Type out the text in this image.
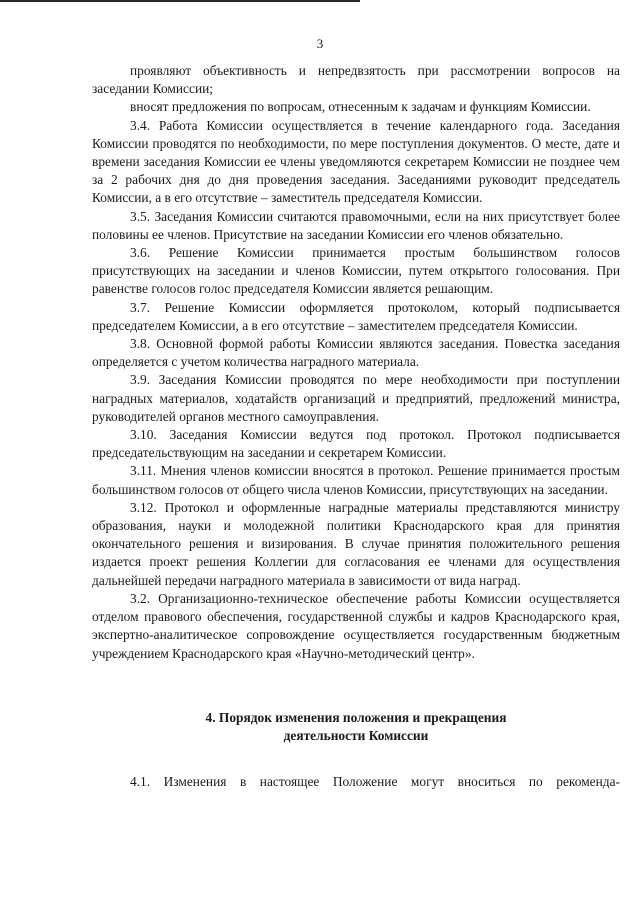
3

проявляют объективность и непредвзятость при рассмотрении вопросов на заседании Комиссии;

вносят предложения по вопросам, отнесенным к задачам и функциям Комиссии.

3.4. Работа Комиссии осуществляется в течение календарного года. Заседания Комиссии проводятся по необходимости, по мере поступления документов. О месте, дате и времени заседания Комиссии ее члены уведомляются секретарем Комиссии не позднее чем за 2 рабочих дня до дня проведения заседания. Заседаниями руководит председатель Комиссии, а в его отсутствие – заместитель председателя Комиссии.

3.5. Заседания Комиссии считаются правомочными, если на них присутствует более половины ее членов. Присутствие на заседании Комиссии его членов обязательно.

3.6. Решение Комиссии принимается простым большинством голосов присутствующих на заседании и членов Комиссии, путем открытого голосования. При равенстве голосов голос председателя Комиссии является решающим.

3.7. Решение Комиссии оформляется протоколом, который подписывается председателем Комиссии, а в его отсутствие – заместителем председателя Комиссии.

3.8. Основной формой работы Комиссии являются заседания. Повестка заседания определяется с учетом количества наградного материала.

3.9. Заседания Комиссии проводятся по мере необходимости при поступлении наградных материалов, ходатайств организаций и предприятий, предложений министра, руководителей органов местного самоуправления.

3.10. Заседания Комиссии ведутся под протокол. Протокол подписывается председательствующим на заседании и секретарем Комиссии.

3.11. Мнения членов комиссии вносятся в протокол. Решение принимается простым большинством голосов от общего числа членов Комиссии, присутствующих на заседании.

3.12. Протокол и оформленные наградные материалы представляются министру образования, науки и молодежной политики Краснодарского края для принятия окончательного решения и визирования. В случае принятия положительного решения издается проект решения Коллегии для согласования ее членами для осуществления дальнейшей передачи наградного материала в зависимости от вида наград.

3.2. Организационно-техническое обеспечение работы Комиссии осуществляется отделом правового обеспечения, государственной службы и кадров Краснодарского края, экспертно-аналитическое сопровождение осуществляется государственным бюджетным учреждением Краснодарского края «Научно-методический центр».

4. Порядок изменения положения и прекращения
деятельности Комиссии

4.1. Изменения в настоящее Положение могут вноситься по рекоменда-
